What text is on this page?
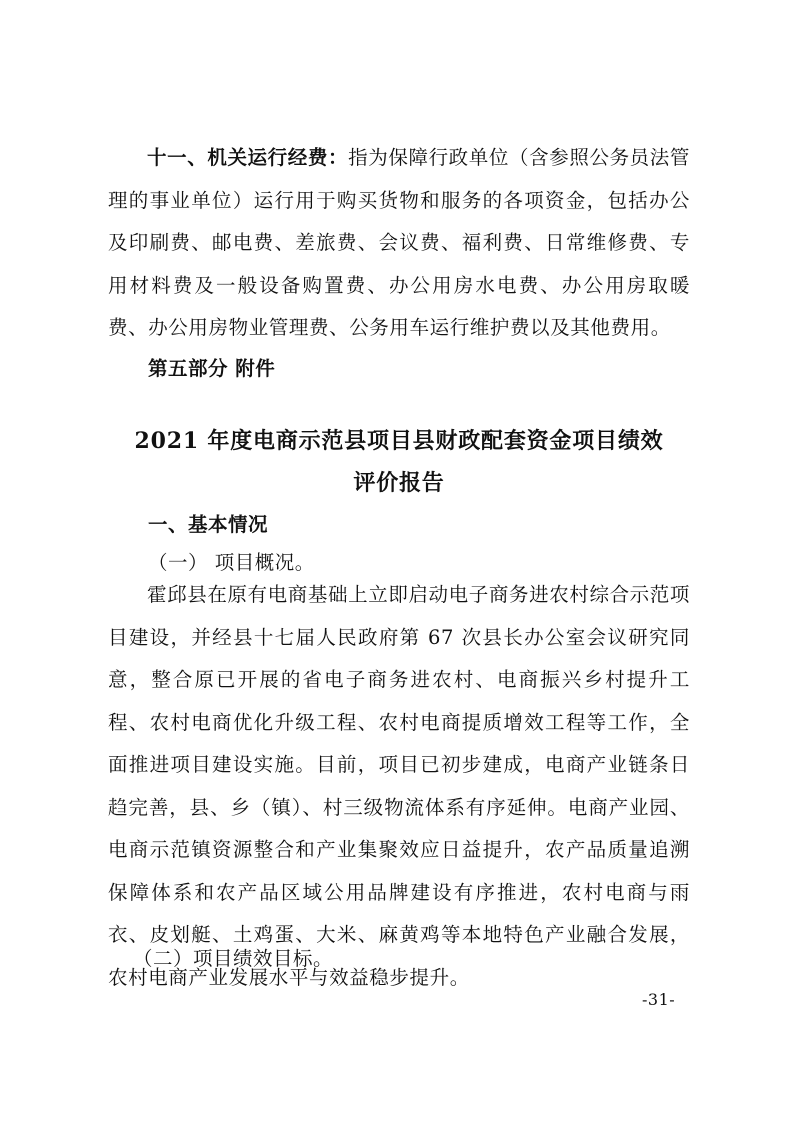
十一、机关运行经费：指为保障行政单位（含参照公务员法管理的事业单位）运行用于购买货物和服务的各项资金，包括办公及印刷费、邮电费、差旅费、会议费、福利费、日常维修费、专用材料费及一般设备购置费、办公用房水电费、办公用房取暖费、办公用房物业管理费、公务用车运行维护费以及其他费用。

第五部分 附件

2021 年度电商示范县项目县财政配套资金项目绩效

评价报告

一、基本情况

（一） 项目概况。

霍邱县在原有电商基础上立即启动电子商务进农村综合示范项目建设，并经县十七届人民政府第 67 次县长办公室会议研究同意，整合原已开展的省电子商务进农村、电商振兴乡村提升工程、农村电商优化升级工程、农村电商提质增效工程等工作，全面推进项目建设实施。目前，项目已初步建成，电商产业链条日趋完善，县、乡（镇）、村三级物流体系有序延伸。电商产业园、电商示范镇资源整合和产业集聚效应日益提升，农产品质量追溯保障体系和农产品区域公用品牌建设有序推进，农村电商与雨衣、皮划艇、土鸡蛋、大米、麻黄鸡等本地特色产业融合发展，农村电商产业发展水平与效益稳步提升。

（二）项目绩效目标。

-31-
